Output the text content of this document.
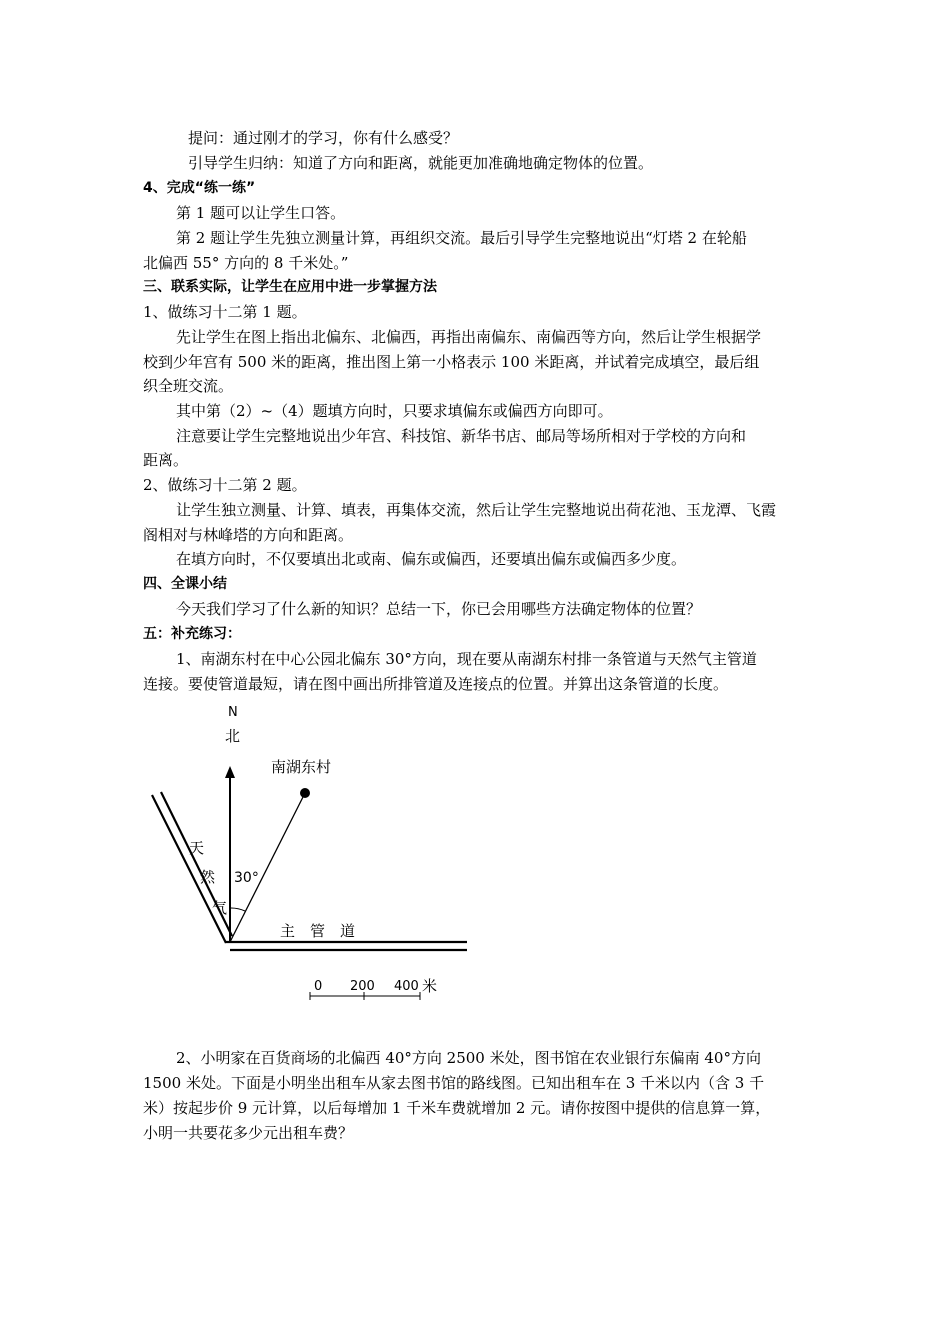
提问：通过刚才的学习，你有什么感受？
引导学生归纳：知道了方向和距离，就能更加准确地确定物体的位置。
4、完成“练一练”
第 1 题可以让学生口答。
第 2 题让学生先独立测量计算，再组织交流。最后引导学生完整地说出“灯塔 2 在轮船
北偏西 55° 方向的 8 千米处。”
三、联系实际，让学生在应用中进一步掌握方法
1、做练习十二第 1 题。
先让学生在图上指出北偏东、北偏西，再指出南偏东、南偏西等方向，然后让学生根据学
校到少年宫有 500 米的距离，推出图上第一小格表示 100 米距离，并试着完成填空，最后组
织全班交流。
其中第（2）~（4）题填方向时，只要求填偏东或偏西方向即可。
注意要让学生完整地说出少年宫、科技馆、新华书店、邮局等场所相对于学校的方向和
距离。
2、做练习十二第 2 题。
让学生独立测量、计算、填表，再集体交流，然后让学生完整地说出荷花池、玉龙潭、飞霞
阁相对与林峰塔的方向和距离。
在填方向时，不仅要填出北或南、偏东或偏西，还要填出偏东或偏西多少度。
四、全课小结
今天我们学习了什么新的知识？总结一下，你已会用哪些方法确定物体的位置？
五：补充练习：
1、南湖东村在中心公园北偏东 30°方向，现在要从南湖东村排一条管道与天然气主管道
连接。要使管道最短，请在图中画出所排管道及连接点的位置。并算出这条管道的长度。
N
北
南湖东村
30°
天
然
气
主　管　道
0 200 400 米
2、小明家在百货商场的北偏西 40°方向 2500 米处，图书馆在农业银行东偏南 40°方向
1500 米处。下面是小明坐出租车从家去图书馆的路线图。已知出租车在 3 千米以内（含 3 千
米）按起步价 9 元计算，以后每增加 1 千米车费就增加 2 元。请你按图中提供的信息算一算，
小明一共要花多少元出租车费？
